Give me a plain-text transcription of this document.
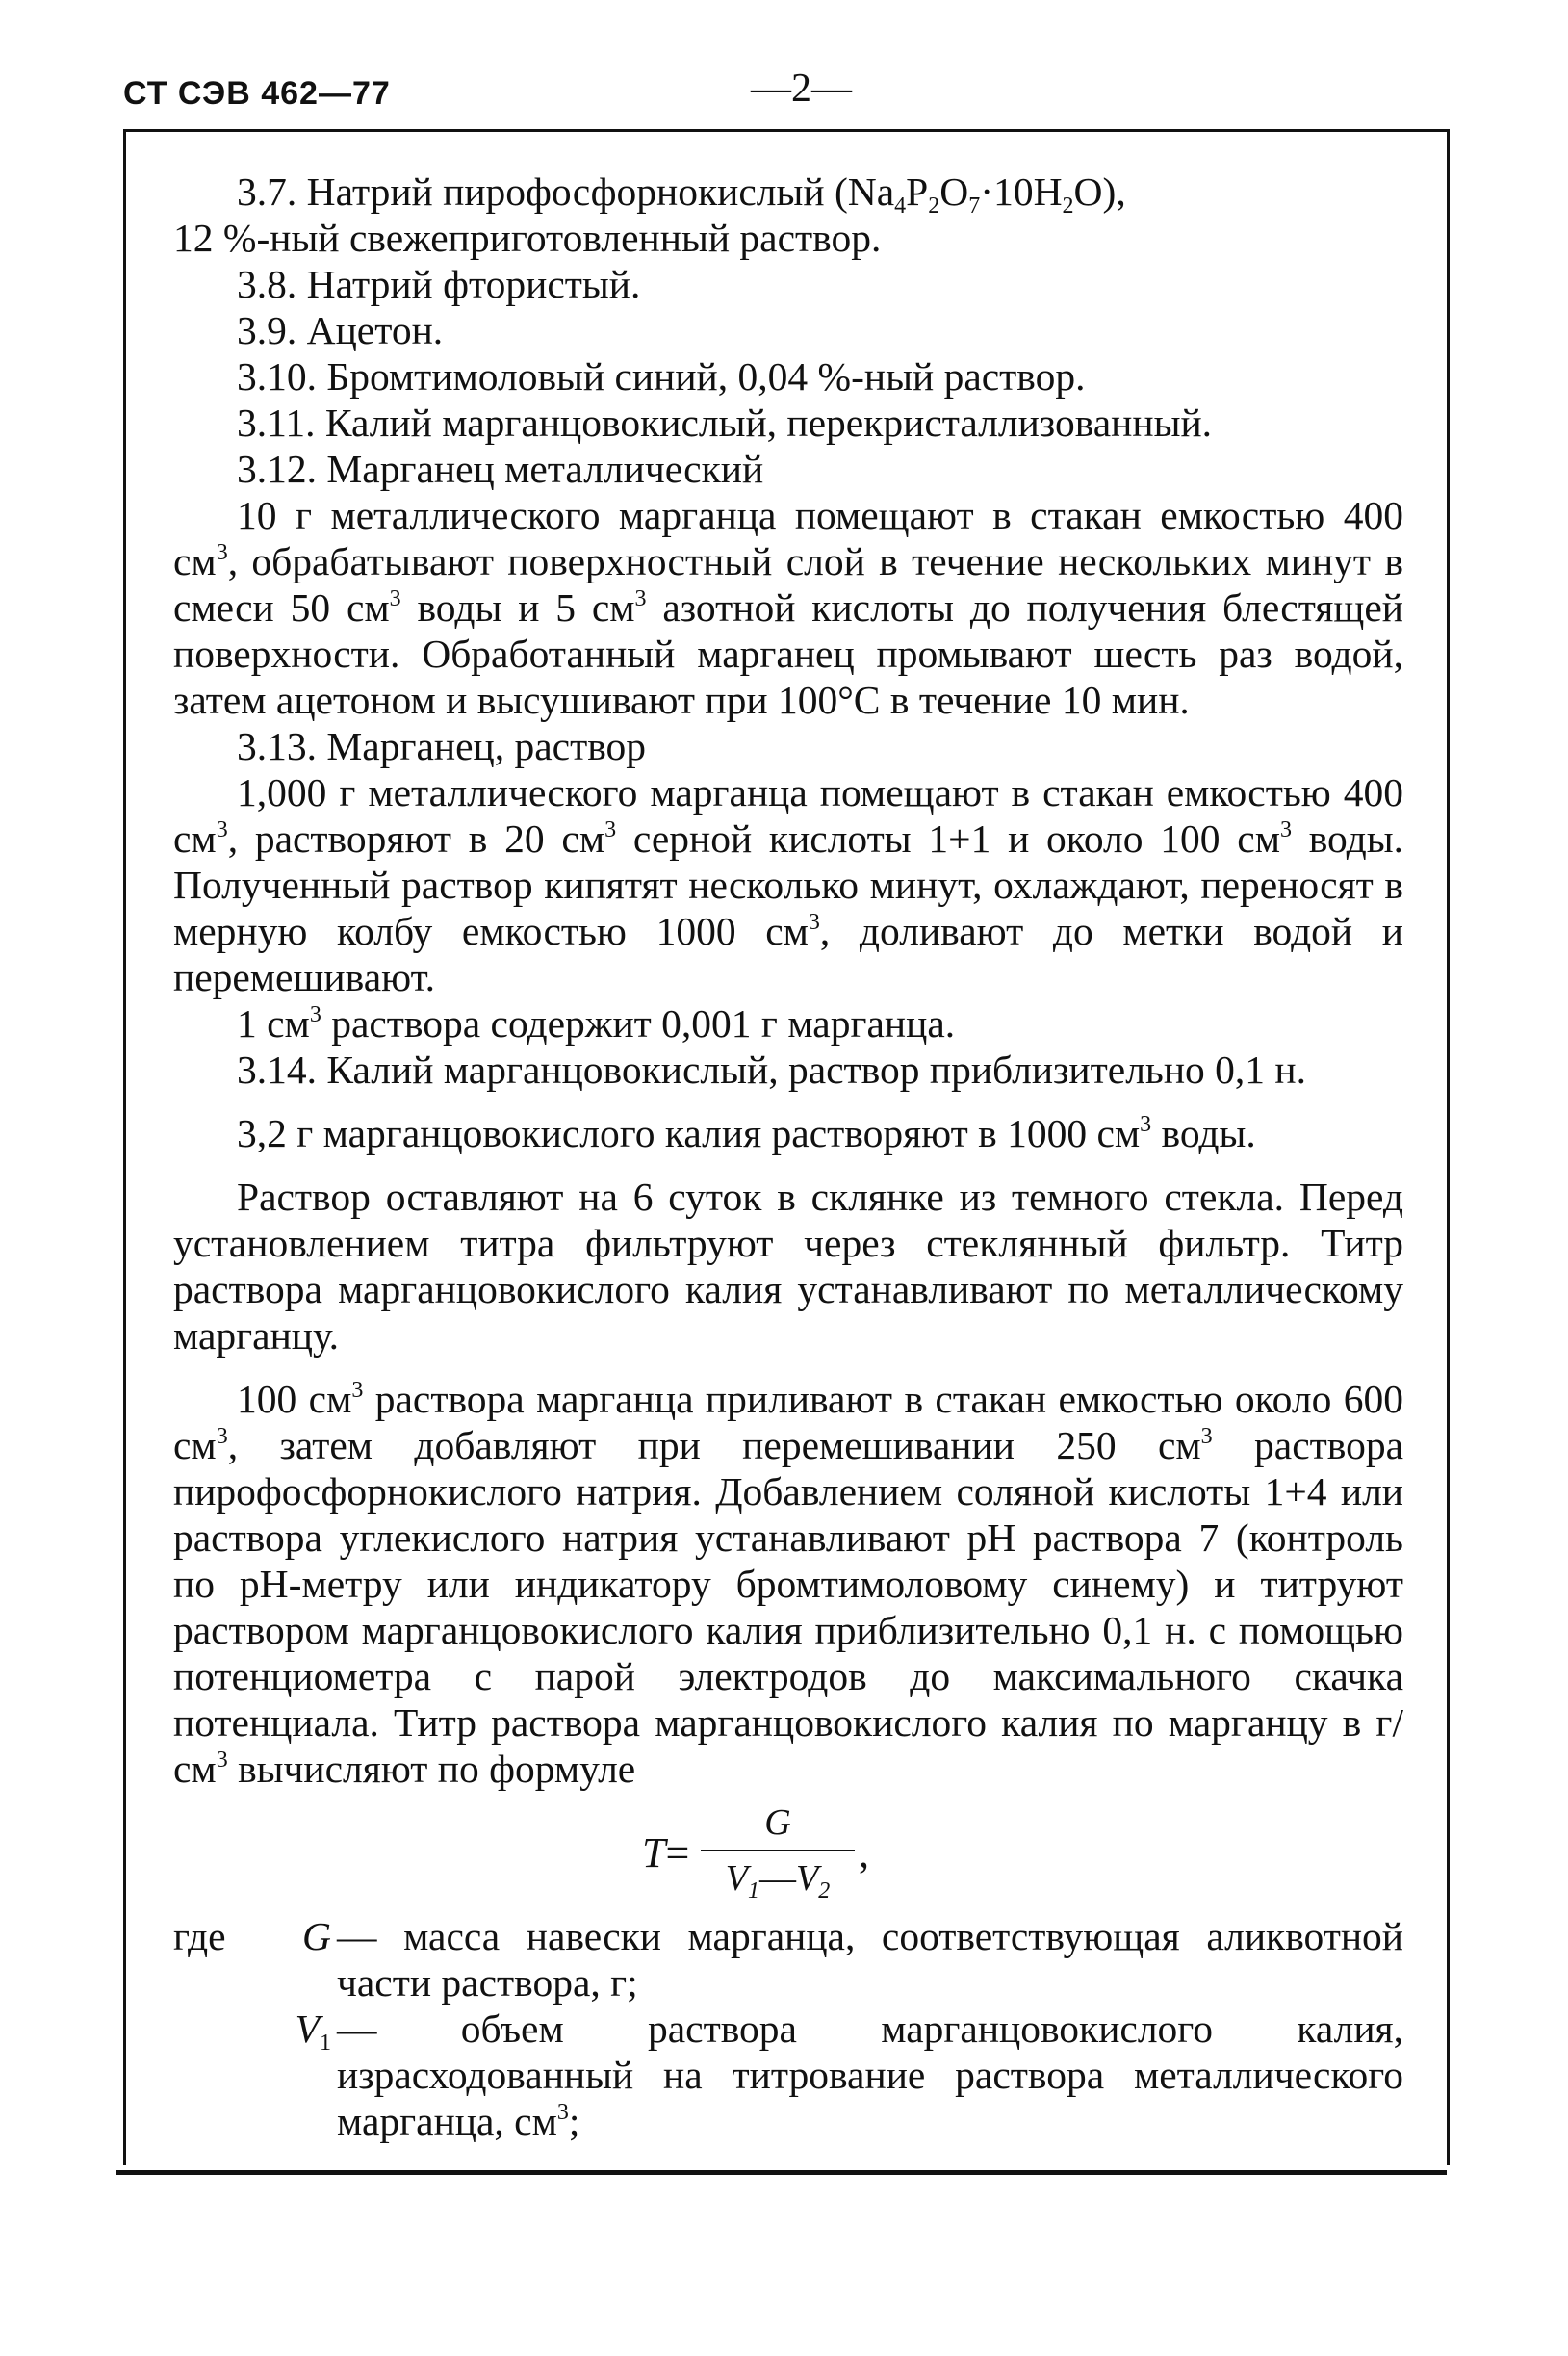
СТ СЭВ 462—77	—2—

3.7. Натрий пирофосфорнокислый $(Na_4P_2O_7\cdot 10H_2O)$,

12 %-ный свежеприготовленный раствор.

3.8. Натрий фтористый.

3.9. Ацетон.

3.10. Бромтимоловый синий, 0,04 %-ный раствор.

3.11. Калий марганцовокислый, перекристаллизованный.

3.12. Марганец металлический

10 г металлического марганца помещают в стакан емкостью 400 $см^3$, обрабатывают поверхностный слой в течение нескольких минут в смеси 50 $см^3$ воды и 5 $см^3$ азотной кислоты до получения блестящей поверхности. Обработанный марганец промывают шесть раз водой, затем ацетоном и высушивают при 100°С в течение 10 мин.

3.13. Марганец, раствор

1,000 г металлического марганца помещают в стакан емкостью 400 $см^3$, растворяют в 20 $см^3$ серной кислоты 1+1 и около 100 $см^3$ воды. Полученный раствор кипятят несколько минут, охлаждают, переносят в мерную колбу емкостью 1000 $см^3$, доливают до метки водой и перемешивают.

1 $см^3$ раствора содержит 0,001 г марганца.

3.14. Калий марганцовокислый, раствор приблизительно 0,1 н.

3,2 г марганцовокислого калия растворяют в 1000 $см^3$ воды.

Раствор оставляют на 6 суток в склянке из темного стекла. Перед установлением титра фильтруют через стеклянный фильтр. Титр раствора марганцовокислого калия устанавливают по металлическому марганцу.

100 $см^3$ раствора марганца приливают в стакан емкостью около 600 $см^3$, затем добавляют при перемешивании 250 $см^3$ раствора пирофосфорнокислого натрия. Добавлением соляной кислоты 1+4 или раствора углекислого натрия устанавливают рН раствора 7 (контроль по рН-метру или индикатору бромтимоловому синему) и титруют раствором марганцовокислого калия приблизительно 0,1 н. с помощью потенциометра с парой электродов до максимального скачка потенциала. Титр раствора марганцовокислого калия по марганцу в $г/см^3$ вычисляют по формуле

T=
G
$V_1—V_2$
,
где	G — масса навески марганца, соответствующая аликвотной части раствора, г;
$V_1$ — объем раствора марганцовокислого калия, израсходованный на титрование раствора металлического марганца, $см^3$;
